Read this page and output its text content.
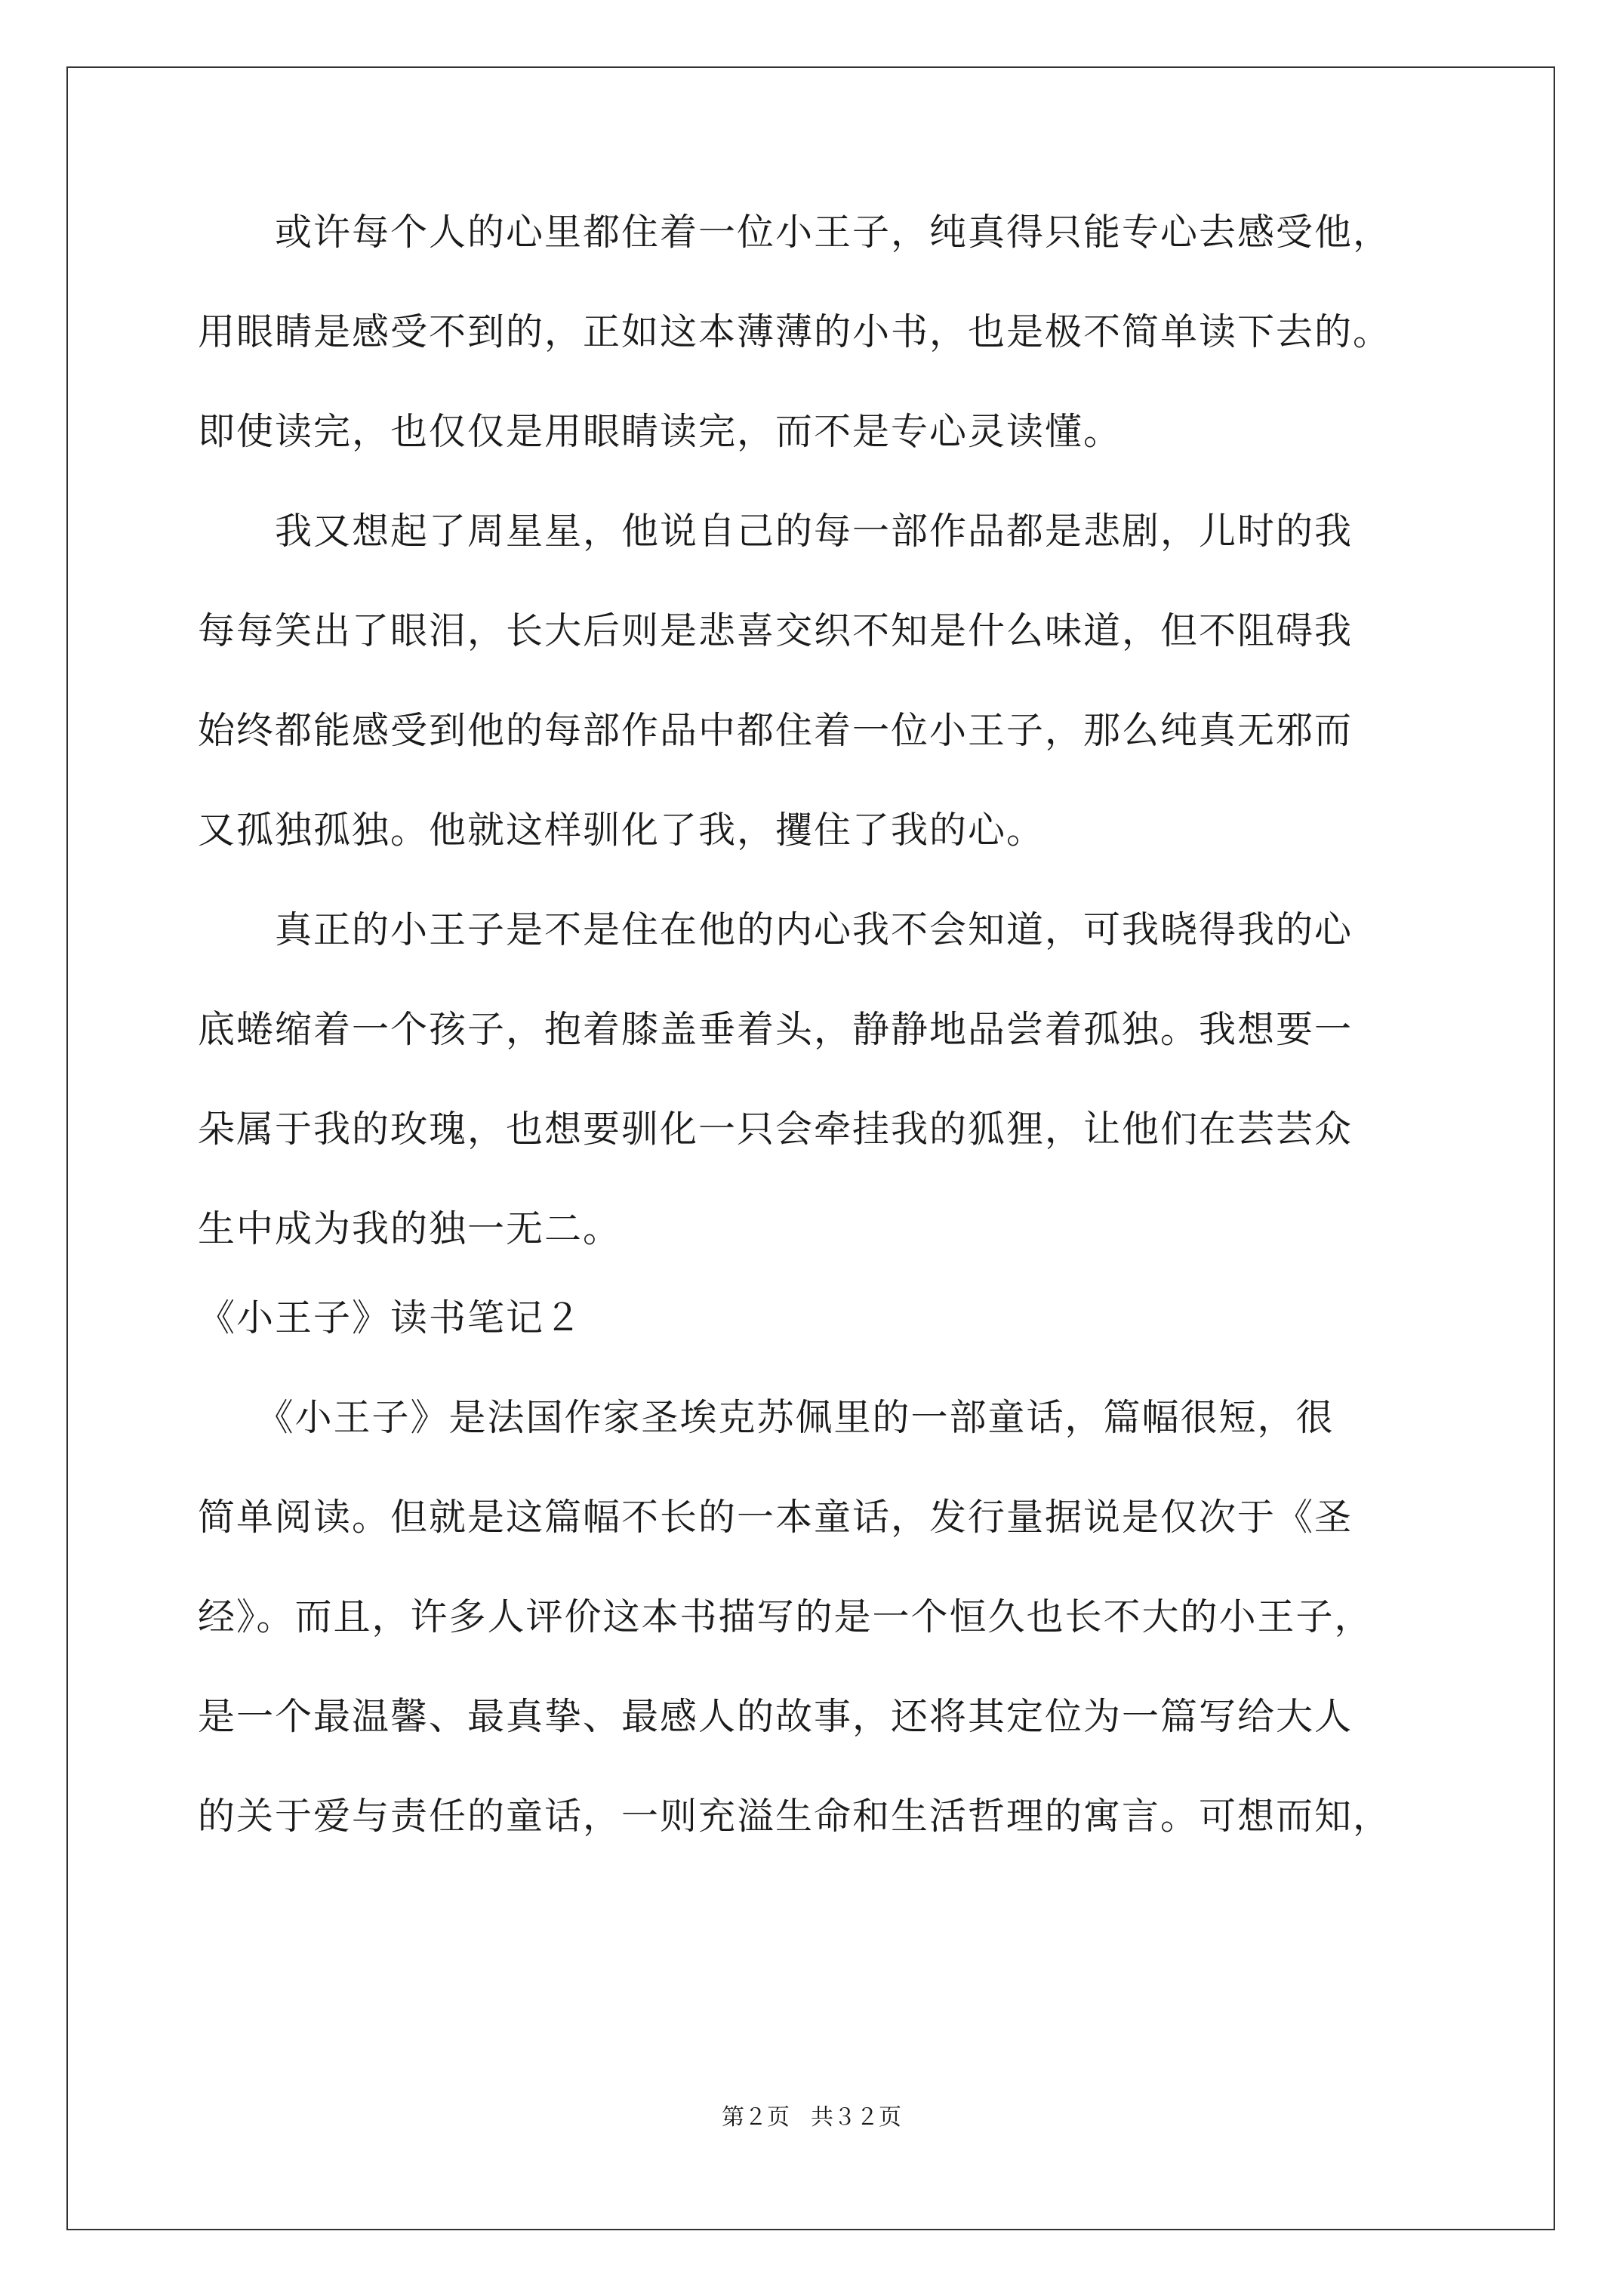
　　或许每个人的心里都住着一位小王子，纯真得只能专心去感受他，
用眼睛是感受不到的，正如这本薄薄的小书，也是极不简单读下去的。
即使读完，也仅仅是用眼睛读完，而不是专心灵读懂。
　　我又想起了周星星，他说自己的每一部作品都是悲剧，儿时的我
每每笑出了眼泪，长大后则是悲喜交织不知是什么味道，但不阻碍我
始终都能感受到他的每部作品中都住着一位小王子，那么纯真无邪而
又孤独孤独。他就这样驯化了我，攫住了我的心。
　　真正的小王子是不是住在他的内心我不会知道，可我晓得我的心
底蜷缩着一个孩子，抱着膝盖垂着头，静静地品尝着孤独。我想要一
朵属于我的玫瑰，也想要驯化一只会牵挂我的狐狸，让他们在芸芸众
生中成为我的独一无二。
《小王子》读书笔记２
　　《小王子》是法国作家圣埃克苏佩里的一部童话，篇幅很短，很
简单阅读。但就是这篇幅不长的一本童话，发行量据说是仅次于《圣
经》。而且，许多人评价这本书描写的是一个恒久也长不大的小王子，
是一个最温馨、最真挚、最感人的故事，还将其定位为一篇写给大人
的关于爱与责任的童话，一则充溢生命和生活哲理的寓言。可想而知，
第２页 共３２页
